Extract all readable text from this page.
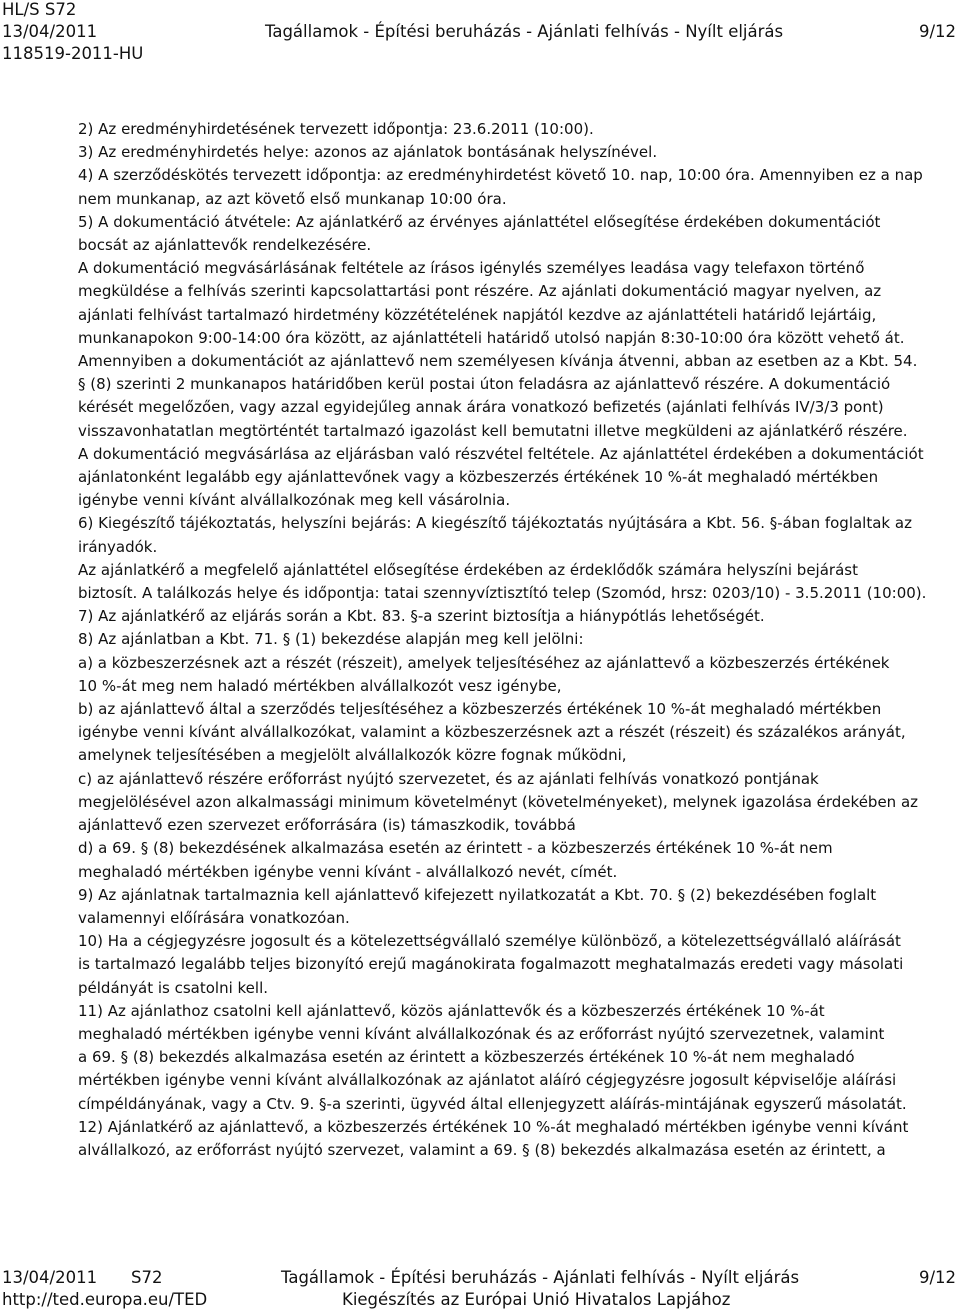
HL/S S72
13/04/2011	Tagállamok - Építési beruházás - Ajánlati felhívás - Nyílt eljárás	9/12
118519-2011-HU
2) Az eredményhirdetésének tervezett időpontja: 23.6.2011 (10:00).
3) Az eredményhirdetés helye: azonos az ajánlatok bontásának helyszínével.
4) A szerződéskötés tervezett időpontja: az eredményhirdetést követő 10. nap, 10:00 óra. Amennyiben ez a nap
nem munkanap, az azt követő első munkanap 10:00 óra.
5) A dokumentáció átvétele: Az ajánlatkérő az érvényes ajánlattétel elősegítése érdekében dokumentációt
bocsát az ajánlattevők rendelkezésére.
A dokumentáció megvásárlásának feltétele az írásos igénylés személyes leadása vagy telefaxon történő
megküldése a felhívás szerinti kapcsolattartási pont részére. Az ajánlati dokumentáció magyar nyelven, az
ajánlati felhívást tartalmazó hirdetmény közzétételének napjától kezdve az ajánlattételi határidő lejártáig,
munkanapokon 9:00-14:00 óra között, az ajánlattételi határidő utolsó napján 8:30-10:00 óra között vehető át.
Amennyiben a dokumentációt az ajánlattevő nem személyesen kívánja átvenni, abban az esetben az a Kbt. 54.
§ (8) szerinti 2 munkanapos határidőben kerül postai úton feladásra az ajánlattevő részére. A dokumentáció
kérését megelőzően, vagy azzal egyidejűleg annak árára vonatkozó befizetés (ajánlati felhívás IV/3/3 pont)
visszavonhatatlan megtörténtét tartalmazó igazolást kell bemutatni illetve megküldeni az ajánlatkérő részére.
A dokumentáció megvásárlása az eljárásban való részvétel feltétele. Az ajánlattétel érdekében a dokumentációt
ajánlatonként legalább egy ajánlattevőnek vagy a közbeszerzés értékének 10 %-át meghaladó mértékben
igénybe venni kívánt alvállalkozónak meg kell vásárolnia.
6) Kiegészítő tájékoztatás, helyszíni bejárás: A kiegészítő tájékoztatás nyújtására a Kbt. 56. §-ában foglaltak az
irányadók.
Az ajánlatkérő a megfelelő ajánlattétel elősegítése érdekében az érdeklődők számára helyszíni bejárást
biztosít. A találkozás helye és időpontja: tatai szennyvíztisztító telep (Szomód, hrsz: 0203/10) - 3.5.2011 (10:00).
7) Az ajánlatkérő az eljárás során a Kbt. 83. §-a szerint biztosítja a hiánypótlás lehetőségét.
8) Az ajánlatban a Kbt. 71. § (1) bekezdése alapján meg kell jelölni:
a) a közbeszerzésnek azt a részét (részeit), amelyek teljesítéséhez az ajánlattevő a közbeszerzés értékének
10 %-át meg nem haladó mértékben alvállalkozót vesz igénybe,
b) az ajánlattevő által a szerződés teljesítéséhez a közbeszerzés értékének 10 %-át meghaladó mértékben
igénybe venni kívánt alvállalkozókat, valamint a közbeszerzésnek azt a részét (részeit) és százalékos arányát,
amelynek teljesítésében a megjelölt alvállalkozók közre fognak működni,
c) az ajánlattevő részére erőforrást nyújtó szervezetet, és az ajánlati felhívás vonatkozó pontjának
megjelölésével azon alkalmassági minimum követelményt (követelményeket), melynek igazolása érdekében az
ajánlattevő ezen szervezet erőforrására (is) támaszkodik, továbbá
d) a 69. § (8) bekezdésének alkalmazása esetén az érintett - a közbeszerzés értékének 10 %-át nem
meghaladó mértékben igénybe venni kívánt - alvállalkozó nevét, címét.
9) Az ajánlatnak tartalmaznia kell ajánlattevő kifejezett nyilatkozatát a Kbt. 70. § (2) bekezdésében foglalt
valamennyi előírására vonatkozóan.
10) Ha a cégjegyzésre jogosult és a kötelezettségvállaló személye különböző, a kötelezettségvállaló aláírását
is tartalmazó legalább teljes bizonyító erejű magánokirata fogalmazott meghatalmazás eredeti vagy másolati
példányát is csatolni kell.
11) Az ajánlathoz csatolni kell ajánlattevő, közös ajánlattevők és a közbeszerzés értékének 10 %-át
meghaladó mértékben igénybe venni kívánt alvállalkozónak és az erőforrást nyújtó szervezetnek, valamint
a 69. § (8) bekezdés alkalmazása esetén az érintett a közbeszerzés értékének 10 %-át nem meghaladó
mértékben igénybe venni kívánt alvállalkozónak az ajánlatot aláíró cégjegyzésre jogosult képviselője aláírási
címpéldányának, vagy a Ctv. 9. §-a szerinti, ügyvéd által ellenjegyzett aláírás-mintájának egyszerű másolatát.
12) Ajánlatkérő az ajánlattevő, a közbeszerzés értékének 10 %-át meghaladó mértékben igénybe venni kívánt
alvállalkozó, az erőforrást nyújtó szervezet, valamint a 69. § (8) bekezdés alkalmazása esetén az érintett, a
13/04/2011 S72	Tagállamok - Építési beruházás - Ajánlati felhívás - Nyílt eljárás	9/12
http://ted.europa.eu/TED	Kiegészítés az Európai Unió Hivatalos Lapjához
